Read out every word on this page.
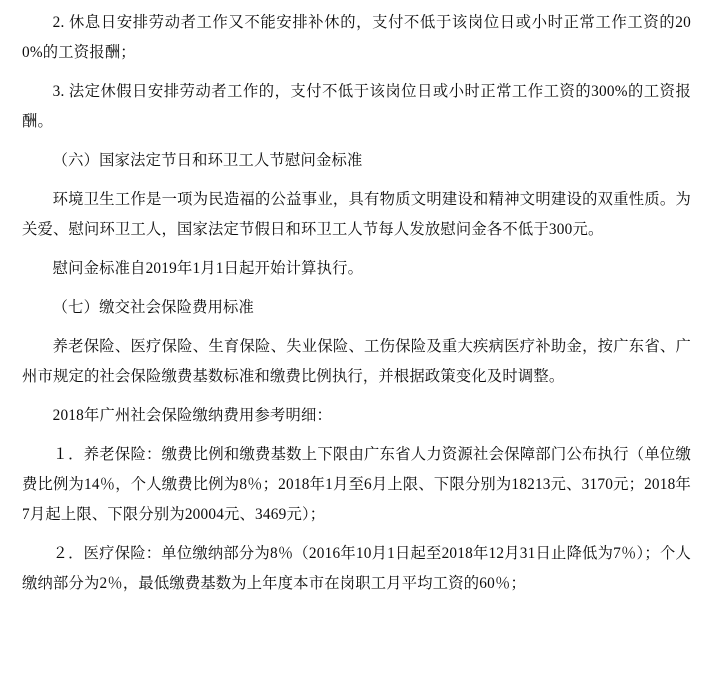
2. 休息日安排劳动者工作又不能安排补休的，支付不低于该岗位日或小时正常工作工资的200%的工资报酬；

3. 法定休假日安排劳动者工作的，支付不低于该岗位日或小时正常工作工资的300%的工资报酬。

（六）国家法定节日和环卫工人节慰问金标准

环境卫生工作是一项为民造福的公益事业，具有物质文明建设和精神文明建设的双重性质。为关爱、慰问环卫工人，国家法定节假日和环卫工人节每人发放慰问金各不低于300元。

慰问金标准自2019年1月1日起开始计算执行。

（七）缴交社会保险费用标准

养老保险、医疗保险、生育保险、失业保险、工伤保险及重大疾病医疗补助金，按广东省、广州市规定的社会保险缴费基数标准和缴费比例执行，并根据政策变化及时调整。

2018年广州社会保险缴纳费用参考明细：

１．养老保险：缴费比例和缴费基数上下限由广东省人力资源社会保障部门公布执行（单位缴费比例为14％，个人缴费比例为8％；2018年1月至6月上限、下限分别为18213元、3170元；2018年7月起上限、下限分别为20004元、3469元）；

２．医疗保险：单位缴纳部分为8％（2016年10月1日起至2018年12月31日止降低为7％）；个人缴纳部分为2％，最低缴费基数为上年度本市在岗职工月平均工资的60％；
